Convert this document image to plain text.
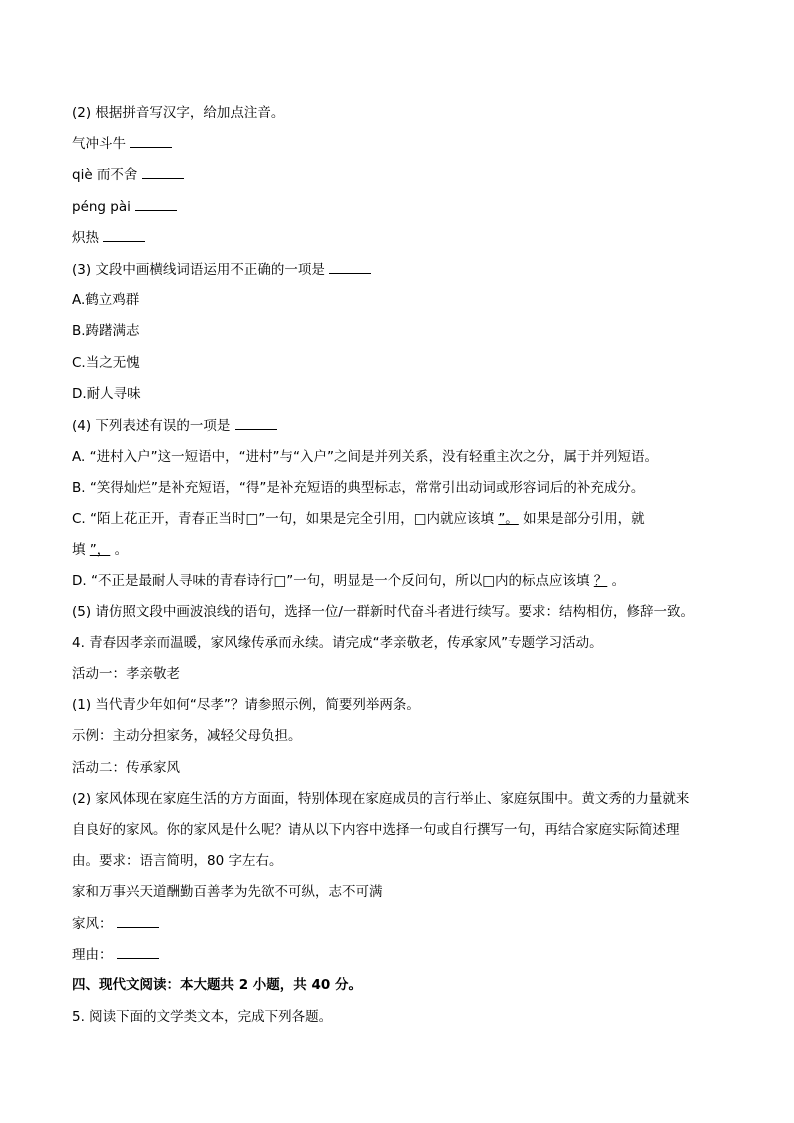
(2) 根据拼音写汉字，给加点注音。
气冲斗牛
qiè 而不舍
péng pài
炽热
(3) 文段中画横线词语运用不正确的一项是
A.鹤立鸡群
B.踌躇满志
C.当之无愧
D.耐人寻味
(4) 下列表述有误的一项是
A. “进村入户”这一短语中，“进村”与“入户”之间是并列关系，没有轻重主次之分，属于并列短语。
B. “笑得灿烂”是补充短语，“得”是补充短语的典型标志，常常引出动词或形容词后的补充成分。
C. “陌上花正开，青春正当时□”一句，如果是完全引用，□内就应该填 ”。 如果是部分引用，就
填 ”， 。
D. “不正是最耐人寻味的青春诗行□”一句，明显是一个反问句，所以□内的标点应该填 ？ 。
(5) 请仿照文段中画波浪线的语句，选择一位/一群新时代奋斗者进行续写。要求：结构相仿，修辞一致。
4. 青春因孝亲而温暖，家风缘传承而永续。请完成“孝亲敬老，传承家风”专题学习活动。
活动一：孝亲敬老
(1) 当代青少年如何“尽孝”？请参照示例，简要列举两条。
示例：主动分担家务，减轻父母负担。
活动二：传承家风
(2) 家风体现在家庭生活的方方面面，特别体现在家庭成员的言行举止、家庭氛围中。黄文秀的力量就来
自良好的家风。你的家风是什么呢？请从以下内容中选择一句或自行撰写一句，再结合家庭实际简述理
由。要求：语言简明，80 字左右。
家和万事兴天道酬勤百善孝为先欲不可纵，志不可满
家风：
理由：
四、现代文阅读：本大题共 2 小题，共 40 分。
5. 阅读下面的文学类文本，完成下列各题。
